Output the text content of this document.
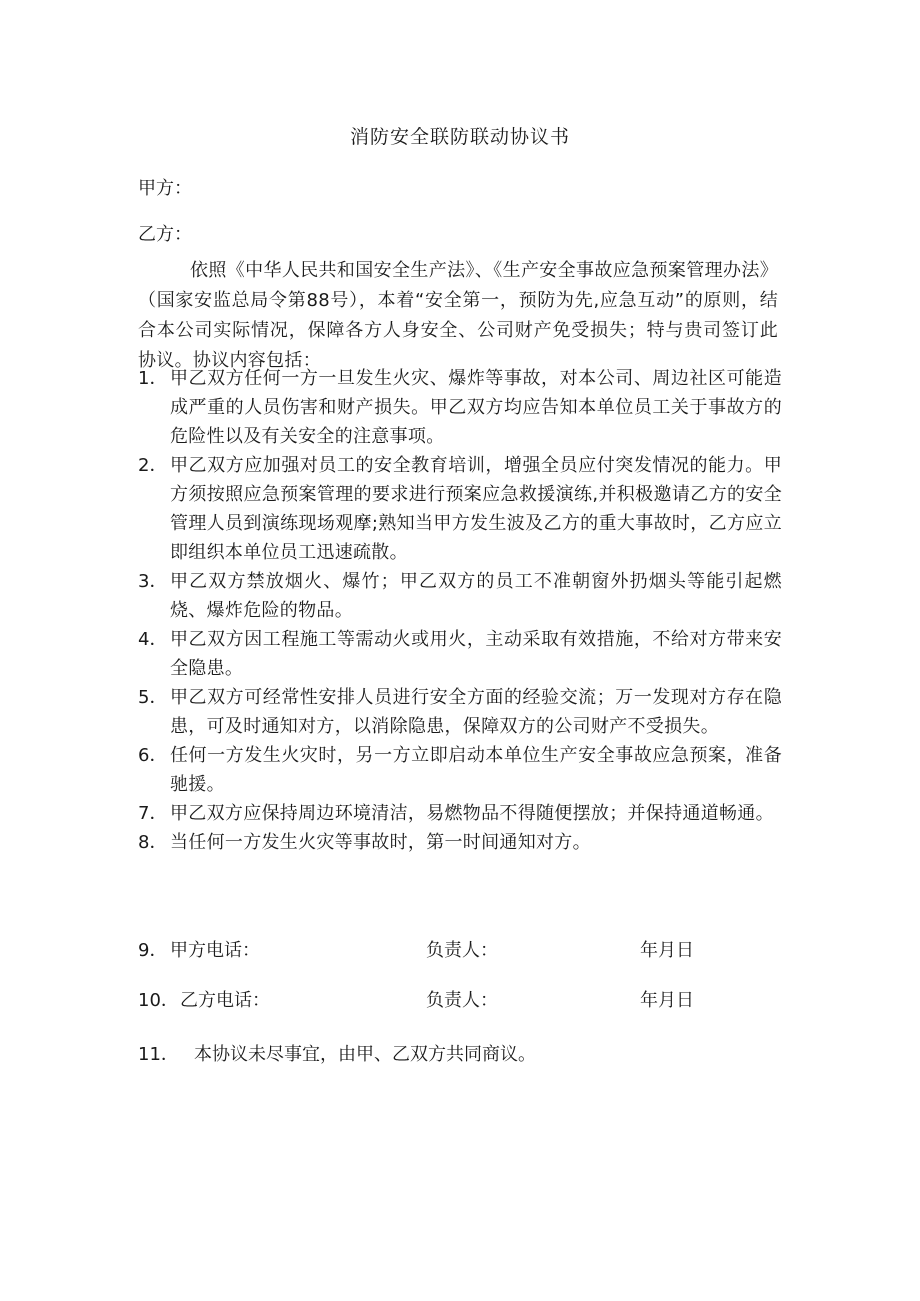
消防安全联防联动协议书
甲方：
乙方：
依照《中华人民共和国安全生产法》、《生产安全事故应急预案管理办法》（国家安监总局令第88号），本着“安全第一，预防为先,应急互动”的原则，结合本公司实际情况，保障各方人身安全、公司财产免受损失；特与贵司签订此协议。协议内容包括：
1． 甲乙双方任何一方一旦发生火灾、爆炸等事故，对本公司、周边社区可能造成严重的人员伤害和财产损失。甲乙双方均应告知本单位员工关于事故方的危险性以及有关安全的注意事项。
2． 甲乙双方应加强对员工的安全教育培训，增强全员应付突发情况的能力。甲方须按照应急预案管理的要求进行预案应急救援演练,并积极邀请乙方的安全管理人员到演练现场观摩;熟知当甲方发生波及乙方的重大事故时，乙方应立即组织本单位员工迅速疏散。
3． 甲乙双方禁放烟火、爆竹；甲乙双方的员工不准朝窗外扔烟头等能引起燃烧、爆炸危险的物品。
4． 甲乙双方因工程施工等需动火或用火，主动采取有效措施，不给对方带来安全隐患。
5． 甲乙双方可经常性安排人员进行安全方面的经验交流；万一发现对方存在隐患，可及时通知对方，以消除隐患，保障双方的公司财产不受损失。
6． 任何一方发生火灾时，另一方立即启动本单位生产安全事故应急预案，准备驰援。
7． 甲乙双方应保持周边环境清洁，易燃物品不得随便摆放；并保持通道畅通。
8． 当任何一方发生火灾等事故时，第一时间通知对方。
9． 甲方电话：	负责人：	年月日
10． 乙方电话：	负责人：	年月日
11． 本协议未尽事宜，由甲、乙双方共同商议。
